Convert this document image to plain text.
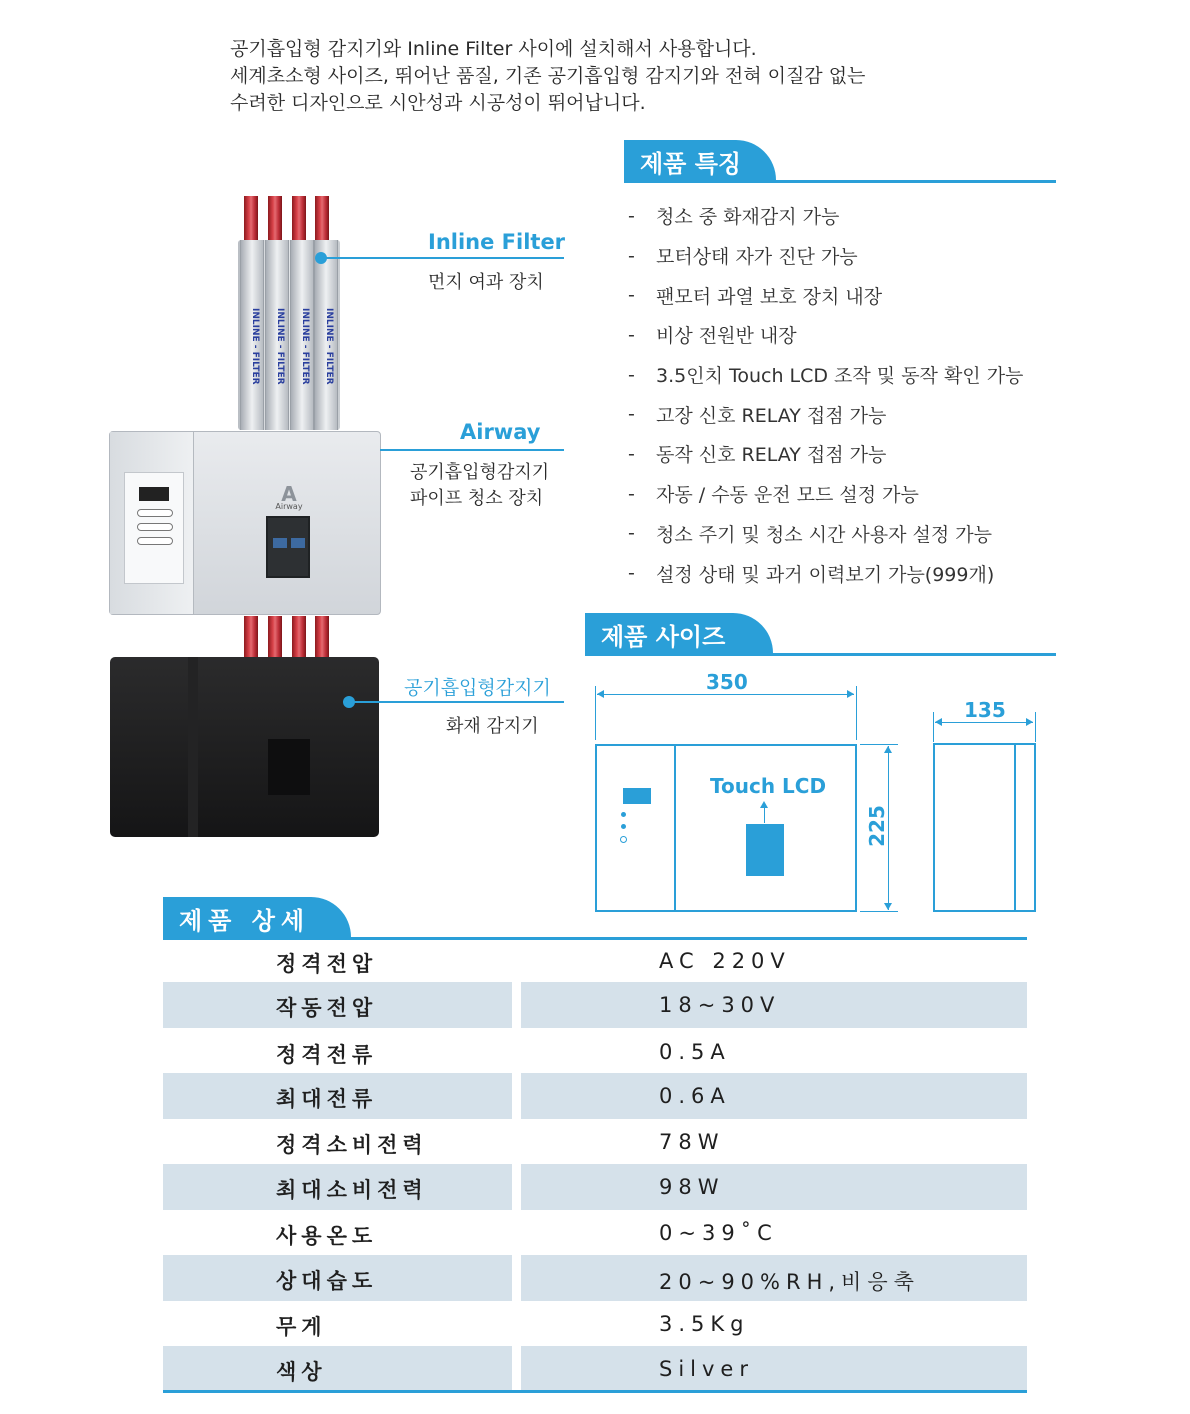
공기흡입형 감지기와 Inline Filter 사이에 설치해서 사용합니다.
세계초소형 사이즈, 뛰어난 품질, 기존 공기흡입형 감지기와 전혀 이질감 없는
수려한 디자인으로 시안성과 시공성이 뛰어납니다.
제품 특징
-	청소 중 화재감지 가능
-	모터상태 자가 진단 가능
-	팬모터 과열 보호 장치 내장
-	비상 전원반 내장
-	3.5인치 Touch LCD 조작 및 동작 확인 가능
-	고장 신호 RELAY 접점 가능
-	동작 신호 RELAY 접점 가능
-	자동 / 수동 운전 모드 설정 가능
-	청소 주기 및 청소 시간 사용자 설정 가능
-	설정 상태 및 과거 이력보기 가능(999개)
INLINE - FILTER	INLINE - FILTER	INLINE - FILTER	INLINE - FILTER
A
Airway
Inline Filter
먼지 여과 장치
Airway
공기흡입형감지기
파이프 청소 장치
공기흡입형감지기
화재 감지기
제품 사이즈
350
Touch LCD
225
135
제품 상세
정격전압	AC 220V
작동전압	18~30V
정격전류	0.5A
최대전류	0.6A
정격소비전력	78W
최대소비전력	98W
사용온도	0~39˚C
상대습도	20~90%RH,비응축
무게	3.5Kg
색상	Silver
